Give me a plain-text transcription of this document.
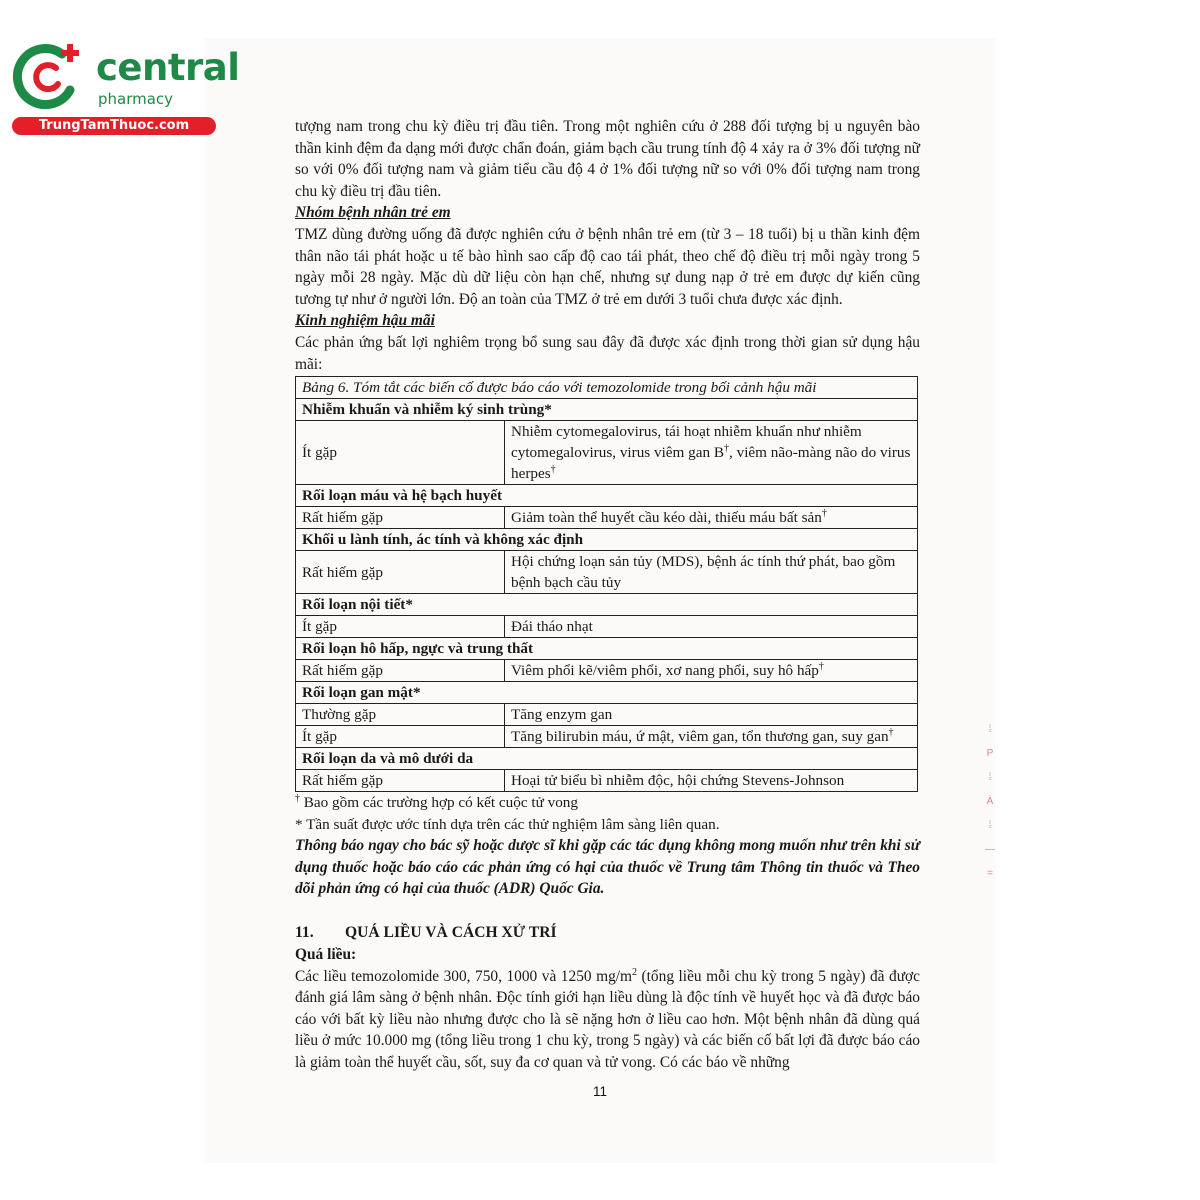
central
pharmacy
TrungTamThuoc.com	tượng nam trong chu kỳ điều trị đầu tiên. Trong một nghiên cứu ở 288 đối tượng bị u nguyên bào thần kinh đệm đa dạng mới được chẩn đoán, giảm bạch cầu trung tính độ 4 xảy ra ở 3% đối tượng nữ so với 0% đối tượng nam và giảm tiểu cầu độ 4 ở 1% đối tượng nữ so với 0% đối tượng nam trong chu kỳ điều trị đầu tiên.

Nhóm bệnh nhân trẻ em

TMZ dùng đường uống đã được nghiên cứu ở bệnh nhân trẻ em (từ 3 – 18 tuổi) bị u thần kinh đệm thân não tái phát hoặc u tế bào hình sao cấp độ cao tái phát, theo chế độ điều trị mỗi ngày trong 5 ngày mỗi 28 ngày. Mặc dù dữ liệu còn hạn chế, nhưng sự dung nạp ở trẻ em được dự kiến cũng tương tự như ở người lớn. Độ an toàn của TMZ ở trẻ em dưới 3 tuổi chưa được xác định.

Kinh nghiệm hậu mãi

Các phản ứng bất lợi nghiêm trọng bổ sung sau đây đã được xác định trong thời gian sử dụng hậu mãi:

Bảng 6. Tóm tắt các biến cố được báo cáo với temozolomide trong bối cảnh hậu mãi	
Nhiễm khuẩn và nhiễm ký sinh trùng*	
Ít gặp	Nhiễm cytomegalovirus, tái hoạt nhiễm khuẩn như nhiễm cytomegalovirus, virus viêm gan B†, viêm não-màng não do virus herpes†
Rối loạn máu và hệ bạch huyết	
Rất hiếm gặp	Giảm toàn thể huyết cầu kéo dài, thiếu máu bất sản†
Khối u lành tính, ác tính và không xác định	
Rất hiếm gặp	Hội chứng loạn sản tủy (MDS), bệnh ác tính thứ phát, bao gồm bệnh bạch cầu tủy
Rối loạn nội tiết*	
Ít gặp	Đái tháo nhạt
Rối loạn hô hấp, ngực và trung thất	
Rất hiếm gặp	Viêm phổi kẽ/viêm phổi, xơ nang phổi, suy hô hấp†
Rối loạn gan mật*	
Thường gặp	Tăng enzym gan
Ít gặp	Tăng bilirubin máu, ứ mật, viêm gan, tổn thương gan, suy gan†
Rối loạn da và mô dưới da	
Rất hiếm gặp	Hoại tử biểu bì nhiễm độc, hội chứng Stevens-Johnson
† Bao gồm các trường hợp có kết cuộc tử vong
* Tần suất được ước tính dựa trên các thử nghiệm lâm sàng liên quan.

Thông báo ngay cho bác sỹ hoặc dược sĩ khi gặp các tác dụng không mong muốn như trên khi sử dụng thuốc hoặc báo cáo các phản ứng có hại của thuốc về Trung tâm Thông tin thuốc và Theo dõi phản ứng có hại của thuốc (ADR) Quốc Gia.

11. QUÁ LIỀU VÀ CÁCH XỬ TRÍ
Quá liều:

Các liều temozolomide 300, 750, 1000 và 1250 $mg/m^2$ (tổng liều mỗi chu kỳ trong 5 ngày) đã được đánh giá lâm sàng ở bệnh nhân. Độc tính giới hạn liều dùng là độc tính về huyết học và đã được báo cáo với bất kỳ liều nào nhưng được cho là sẽ nặng hơn ở liều cao hơn. Một bệnh nhân đã dùng quá liều ở mức 10.000 mg (tổng liều trong 1 chu kỳ, trong 5 ngày) và các biến cố bất lợi đã được báo cáo là giảm toàn thể huyết cầu, sốt, suy đa cơ quan và tử vong. Có các báo về những

11
⁞
Р
⁞
À
⁞
—
=
